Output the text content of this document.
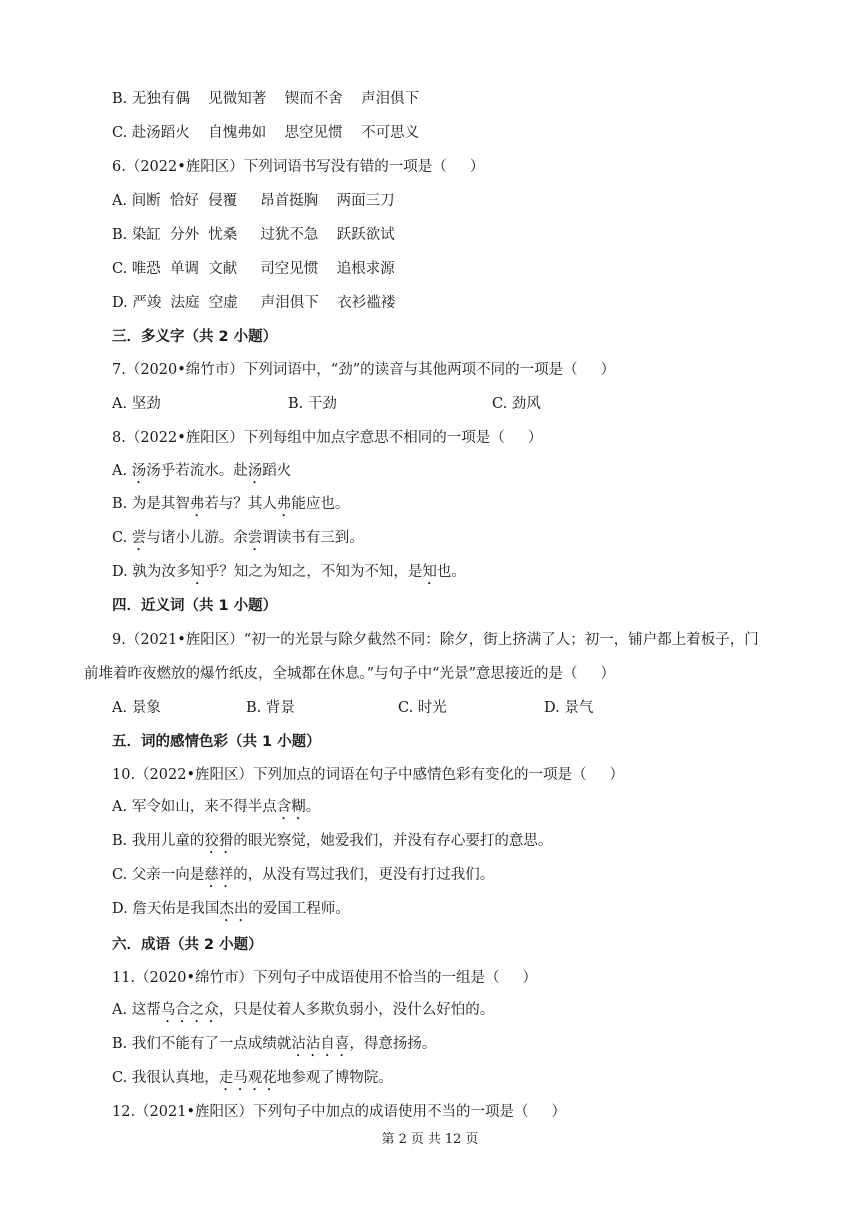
B. 无独有偶    见微知著    锲而不舍    声泪俱下
C. 赴汤蹈火    自愧弗如    思空见惯    不可思义
6.（2022•旌阳区）下列词语书写没有错的一项是（     ）
A. 间断  恰好  侵覆     昂首挺胸    两面三刀
B. 染缸  分外  忧桑     过犹不急    跃跃欲试
C. 唯恐  单调  文献     司空见惯    追根求源
D. 严竣  法庭  空虚     声泪俱下    衣衫褴褛
三．多义字（共 2 小题）
7.（2020•绵竹市）下列词语中，“劲”的读音与其他两项不同的一项是（     ）
A. 坚劲	B. 干劲	C. 劲风
8.（2022•旌阳区）下列每组中加点字意思不相同的一项是（     ）
A. 汤汤乎若流水。赴汤蹈火
B. 为是其智弗若与？其人弗能应也。
C. 尝与诸小儿游。余尝谓读书有三到。
D. 孰为汝多知乎？知之为知之，不知为不知，是知也。
四．近义词（共 1 小题）
9.（2021•旌阳区）“初一的光景与除夕截然不同：除夕，街上挤满了人；初一，铺户都上着板子，门
前堆着昨夜燃放的爆竹纸皮，全城都在休息。”与句子中“光景”意思接近的是（     ）
A. 景象	B. 背景	C. 时光	D. 景气
五．词的感情色彩（共 1 小题）
10.（2022•旌阳区）下列加点的词语在句子中感情色彩有变化的一项是（     ）
A. 军令如山，来不得半点含糊。
B. 我用儿童的狡猾的眼光察觉，她爱我们，并没有存心要打的意思。
C. 父亲一向是慈祥的，从没有骂过我们，更没有打过我们。
D. 詹天佑是我国杰出的爱国工程师。
六．成语（共 2 小题）
11.（2020•绵竹市）下列句子中成语使用不恰当的一组是（     ）
A. 这帮乌合之众，只是仗着人多欺负弱小，没什么好怕的。
B. 我们不能有了一点成绩就沾沾自喜，得意扬扬。
C. 我很认真地，走马观花地参观了博物院。
12.（2021•旌阳区）下列句子中加点的成语使用不当的一项是（     ）
第 2 页 共 12 页
